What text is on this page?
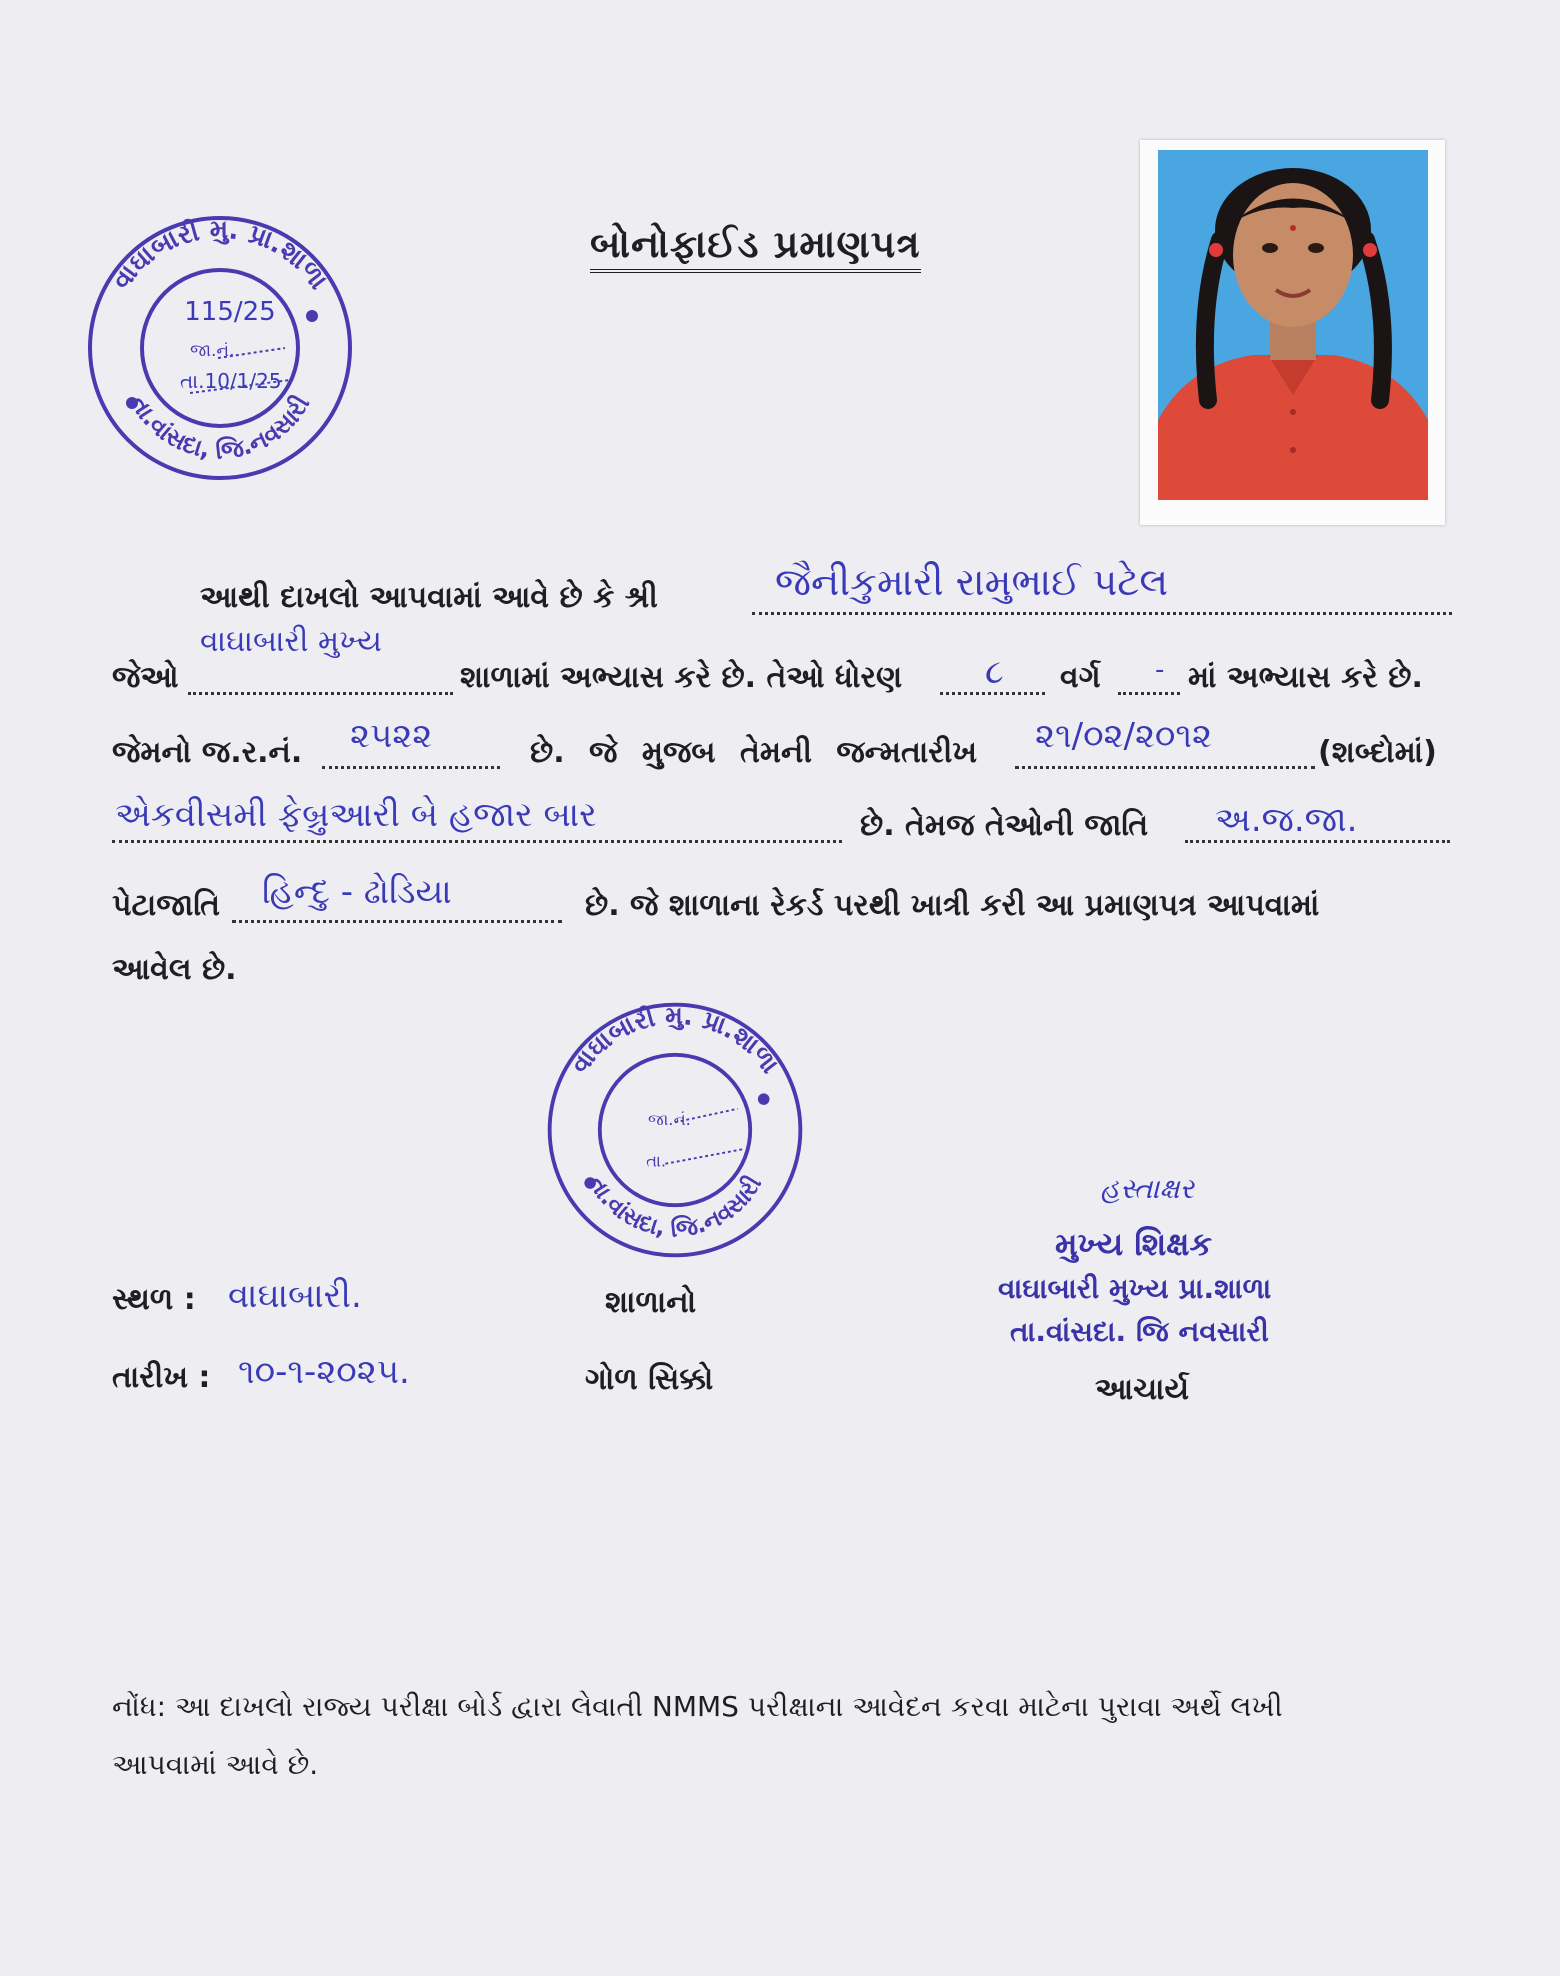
વાઘાબારી મુ. પ્રા.શાળા
તા.વાંસદા, જિ.નવસારી
115/25
જા.નં.
તા.10/1/25
બોનોફાઈડ પ્રમાણપત્ર
આથી દાખલો આપવામાં આવે છે કે શ્રી	જૈનીકુમારી રામુભાઈ પટેલ
વાઘાબારી મુખ્ય
જેઓ	શાળામાં અભ્યાસ કરે છે. તેઓ ધોરણ ૮ વર્ગ - માં અભ્યાસ કરે છે.
જેમનો જ.ર.નં. ૨૫૨૨	છે. જે મુજબ તેમની જન્મતારીખ ૨૧/૦૨/૨૦૧૨	(શબ્દોમાં)
એકવીસમી ફેબ્રુઆરી બે હજાર બાર	છે. તેમજ તેઓની જાતિ અ.જ.જા.
પેટાજાતિ હિન્દુ - ઢોડિયા	છે. જે શાળાના રેકર્ડ પરથી ખાત્રી કરી આ પ્રમાણપત્ર આપવામાં
આવેલ છે.
વાઘાબારી મુ. પ્રા.શાળા
તા.વાંસદા, જિ.નવસારી
જા.નં.
તા.
સ્થળ : વાઘાબારી.
તારીખ : ૧૦-૧-૨૦૨૫.
શાળાનો
ગોળ સિક્કો
હસ્તાક્ષર
મુખ્ય શિક્ષક
વાઘાબારી મુખ્ય પ્રા.શાળા
તા.વાંસદા. જિ નવસારી
આચાર્ય
નોંધ: આ દાખલો રાજ્ય પરીક્ષા બોર્ડ દ્વારા લેવાતી NMMS પરીક્ષાના આવેદન કરવા માટેના પુરાવા અર્થે લખી આપવામાં આવે છે.
